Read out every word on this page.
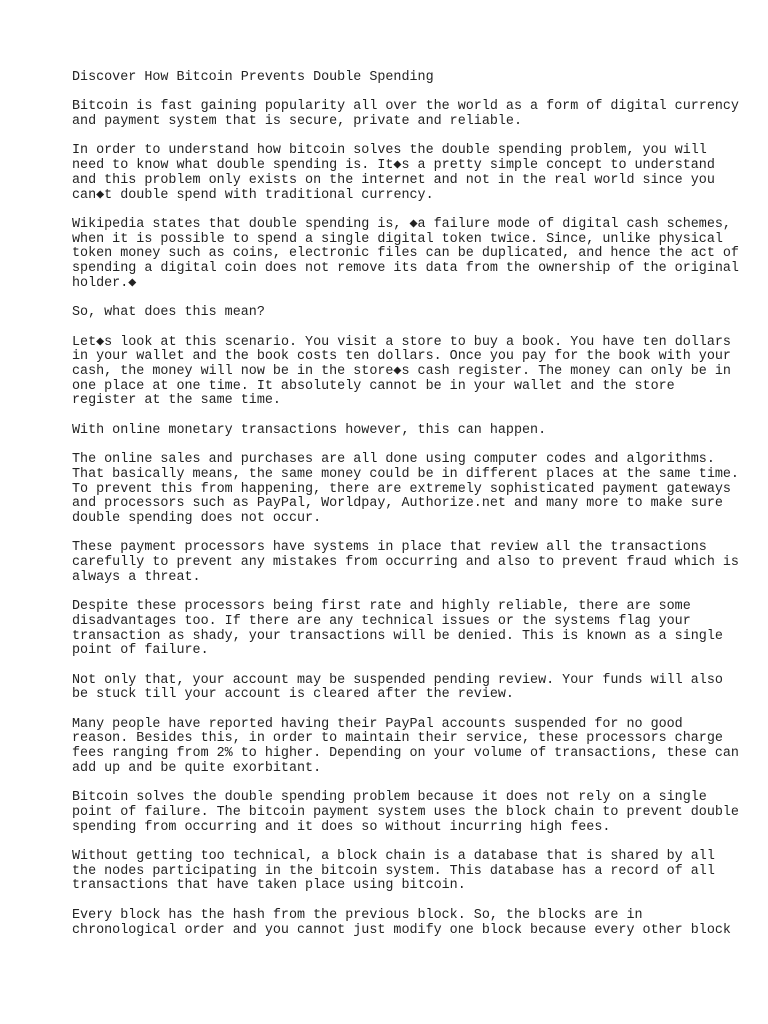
Discover How Bitcoin Prevents Double Spending
Bitcoin is fast gaining popularity all over the world as a form of digital currency
and payment system that is secure, private and reliable.
In order to understand how bitcoin solves the double spending problem, you will
need to know what double spending is. It◆s a pretty simple concept to understand
and this problem only exists on the internet and not in the real world since you
can◆t double spend with traditional currency.
Wikipedia states that double spending is, ◆a failure mode of digital cash schemes,
when it is possible to spend a single digital token twice. Since, unlike physical
token money such as coins, electronic files can be duplicated, and hence the act of
spending a digital coin does not remove its data from the ownership of the original
holder.◆
So, what does this mean?
Let◆s look at this scenario. You visit a store to buy a book. You have ten dollars
in your wallet and the book costs ten dollars. Once you pay for the book with your
cash, the money will now be in the store◆s cash register. The money can only be in
one place at one time. It absolutely cannot be in your wallet and the store
register at the same time.
With online monetary transactions however, this can happen.
The online sales and purchases are all done using computer codes and algorithms.
That basically means, the same money could be in different places at the same time.
To prevent this from happening, there are extremely sophisticated payment gateways
and processors such as PayPal, Worldpay, Authorize.net and many more to make sure
double spending does not occur.
These payment processors have systems in place that review all the transactions
carefully to prevent any mistakes from occurring and also to prevent fraud which is
always a threat.
Despite these processors being first rate and highly reliable, there are some
disadvantages too. If there are any technical issues or the systems flag your
transaction as shady, your transactions will be denied. This is known as a single
point of failure.
Not only that, your account may be suspended pending review. Your funds will also
be stuck till your account is cleared after the review.
Many people have reported having their PayPal accounts suspended for no good
reason. Besides this, in order to maintain their service, these processors charge
fees ranging from 2% to higher. Depending on your volume of transactions, these can
add up and be quite exorbitant.
Bitcoin solves the double spending problem because it does not rely on a single
point of failure. The bitcoin payment system uses the block chain to prevent double
spending from occurring and it does so without incurring high fees.
Without getting too technical, a block chain is a database that is shared by all
the nodes participating in the bitcoin system. This database has a record of all
transactions that have taken place using bitcoin.
Every block has the hash from the previous block. So, the blocks are in
chronological order and you cannot just modify one block because every other block
